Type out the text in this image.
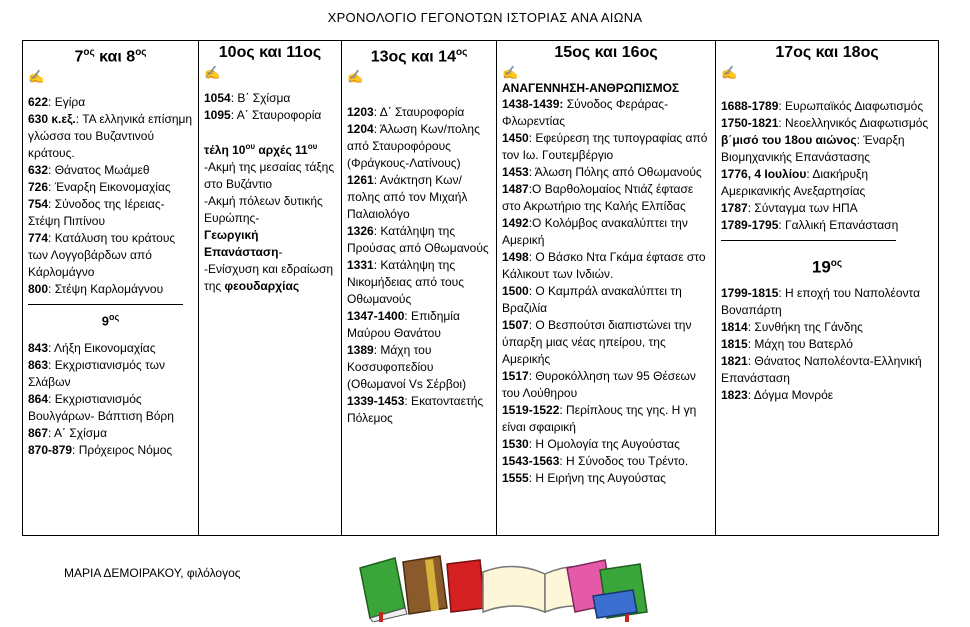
ΧΡΟΝΟΛΟΓΙΟ ΓΕΓΟΝΟΤΩΝ ΙΣΤΟΡΙΑΣ ΑΝΑ ΑΙΩΝΑ
$7^{o\varsigma}$ και $8^{o\varsigma}$
✍
622: Εγίρα
630 κ.εξ.: ΤΑ ελληνικά επίσημη γλώσσα του Βυζαντινού κράτους.
632: Θάνατος Μωάμεθ
726: Έναρξη Εικονομαχίας
754: Σύνοδος της Ιέρειας-Στέψη Πιπίνου
774: Κατάλυση του κράτους των Λογγοβάρδων από Κάρλομάγνο
800: Στέψη Καρλομάγνου
$9^{o\varsigma}$
843: Λήξη Εικονομαχίας
863: Εκχριστιανισμός των Σλάβων
864: Εκχριστιανισμός Βουλγάρων- Βάπτιση Βόρη
867: Α΄ Σχίσμα
870-879: Πρόχειρος Νόμος

10ος και 11ος
✍
1054: Β΄ Σχίσμα
1095: Α΄ Σταυροφορία
τέλη $10^{o\upsilon}$ αρχές $11^{o\upsilon}$
-Ακμή της μεσαίας τάξης στο Βυζάντιο
-Ακμή πόλεων δυτικής Ευρώπης-
Γεωργική Επανάσταση-
-Ενίσχυση και εδραίωση της φεουδαρχίας

13ος και $14^{o\varsigma}$
✍
1203: Δ΄ Σταυροφορία
1204: Άλωση Κων/πολης από Σταυροφόρους (Φράγκους-Λατίνους)
1261: Ανάκτηση Κων/πολης από τον Μιχαήλ Παλαιολόγο
1326: Κατάληψη της Προύσας από Οθωμανούς
1331: Κατάληψη της Νικομήδειας από τους Οθωμανούς
1347-1400: Επιδημία Μαύρου Θανάτου
1389: Μάχη του Κοσσυφοπεδίου (Οθωμανοί Vs Σέρβοι)
1339-1453: Εκατονταετής Πόλεμος

15ος και 16ος
✍
ΑΝΑΓΕΝΝΗΣΗ-ΑΝΘΡΩΠΙΣΜΟΣ
1438-1439: Σύνοδος Φεράρας-Φλωρεντίας
1450: Εφεύρεση της τυπογραφίας από τον Ιω. Γουτεμβέργιο
1453: Άλωση Πόλης από Οθωμανούς
1487:Ο Βαρθολομαίος Ντιάζ έφτασε στο Ακρωτήριο της Καλής Ελπίδας
1492:Ο Κολόμβος ανακαλύπτει την Αμερική
1498: Ο Βάσκο Ντα Γκάμα έφτασε στο Κάλικουτ των Ινδιών.
1500: Ο Καμπράλ ανακαλύπτει τη Βραζιλία
1507: Ο Βεσπούτσι διαπιστώνει την ύπαρξη μιας νέας ηπείρου, της Αμερικής
1517: Θυροκόλληση των 95 Θέσεων του Λούθηρου
1519-1522: Περίπλους της γης. Η γη είναι σφαιρική
1530: Η Ομολογία της Αυγούστας
1543-1563: Η Σύνοδος του Τρέντο.
1555: Η Ειρήνη της Αυγούστας

17ος και 18ος
✍
1688-1789: Ευρωπαϊκός Διαφωτισμός
1750-1821: Νεοελληνικός Διαφωτισμός
β΄μισό του 18ου αιώνος: Έναρξη Βιομηχανικής Επανάστασης
1776, 4 Ιουλίου: Διακήρυξη Αμερικανικής Ανεξαρτησίας
1787: Σύνταγμα των ΗΠΑ
1789-1795: Γαλλική Επανάσταση
$19^{o\varsigma}$
1799-1815: Η εποχή του Ναπολέοντα Βοναπάρτη
1814: Συνθήκη της Γάνδης
1815: Μάχη του Βατερλό
1821: Θάνατος Ναπολέοντα-Ελληνική Επανάσταση
1823: Δόγμα Μονρόε
ΜΑΡΙΑ ΔΕΜΟΙΡΑΚΟΥ, φιλόλογος
